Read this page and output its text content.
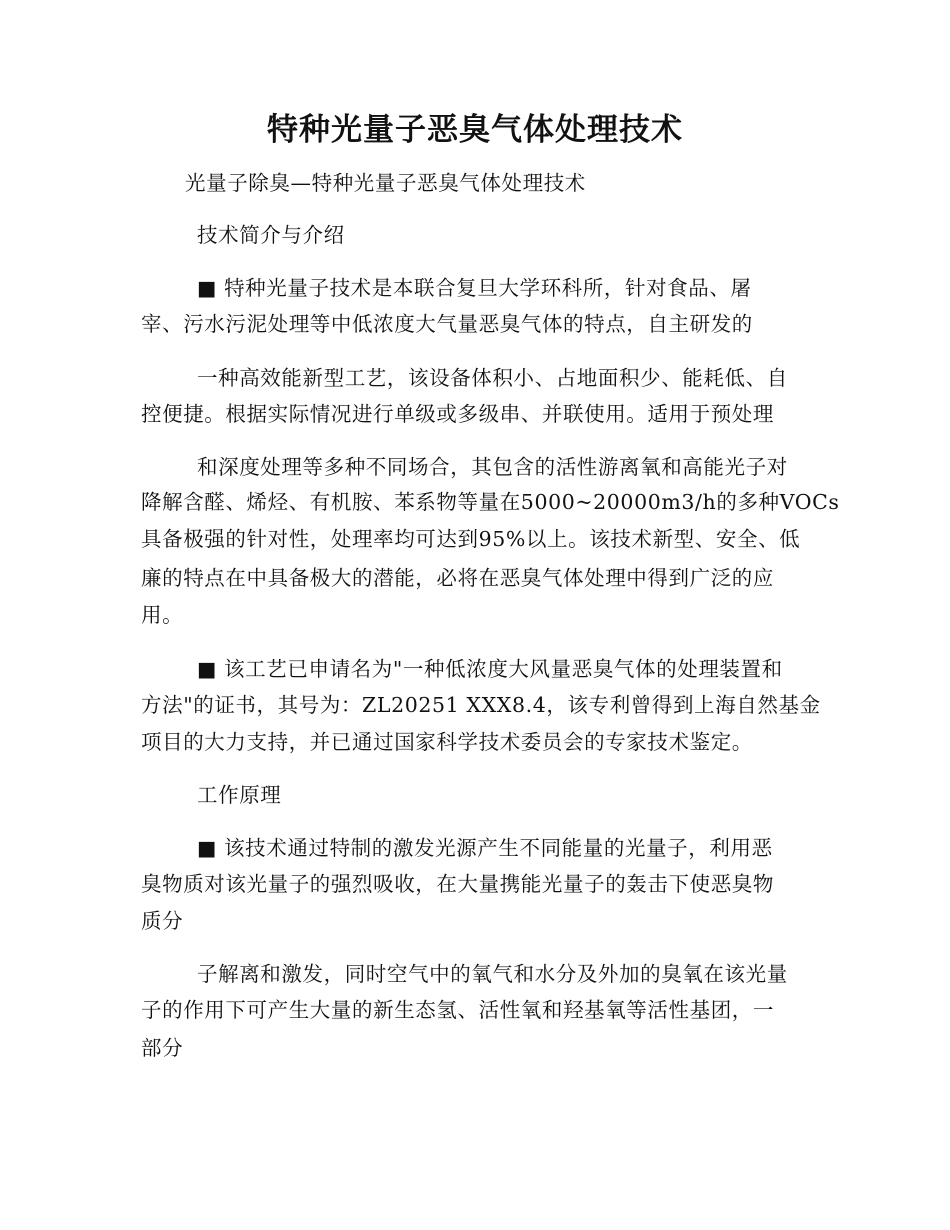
特种光量子恶臭气体处理技术
光量子除臭—特种光量子恶臭气体处理技术
技术简介与介绍
■ 特种光量子技术是本联合复旦大学环科所，针对食品、屠
宰、污水污泥处理等中低浓度大气量恶臭气体的特点，自主研发的
一种高效能新型工艺，该设备体积小、占地面积少、能耗低、自
控便捷。根据实际情况进行单级或多级串、并联使用。适用于预处理
和深度处理等多种不同场合，其包含的活性游离氧和高能光子对
降解含醛、烯烃、有机胺、苯系物等量在5000~20000m3/h的多种VOCs
具备极强的针对性，处理率均可达到95%以上。该技术新型、安全、低
廉的特点在中具备极大的潜能，必将在恶臭气体处理中得到广泛的应
用。
■ 该工艺已申请名为"一种低浓度大风量恶臭气体的处理装置和
方法"的证书，其号为：ZL20251 XXX8.4，该专利曾得到上海自然基金
项目的大力支持，并已通过国家科学技术委员会的专家技术鉴定。
工作原理
■ 该技术通过特制的激发光源产生不同能量的光量子，利用恶
臭物质对该光量子的强烈吸收，在大量携能光量子的轰击下使恶臭物
质分
子解离和激发，同时空气中的氧气和水分及外加的臭氧在该光量
子的作用下可产生大量的新生态氢、活性氧和羟基氧等活性基团，一
部分
